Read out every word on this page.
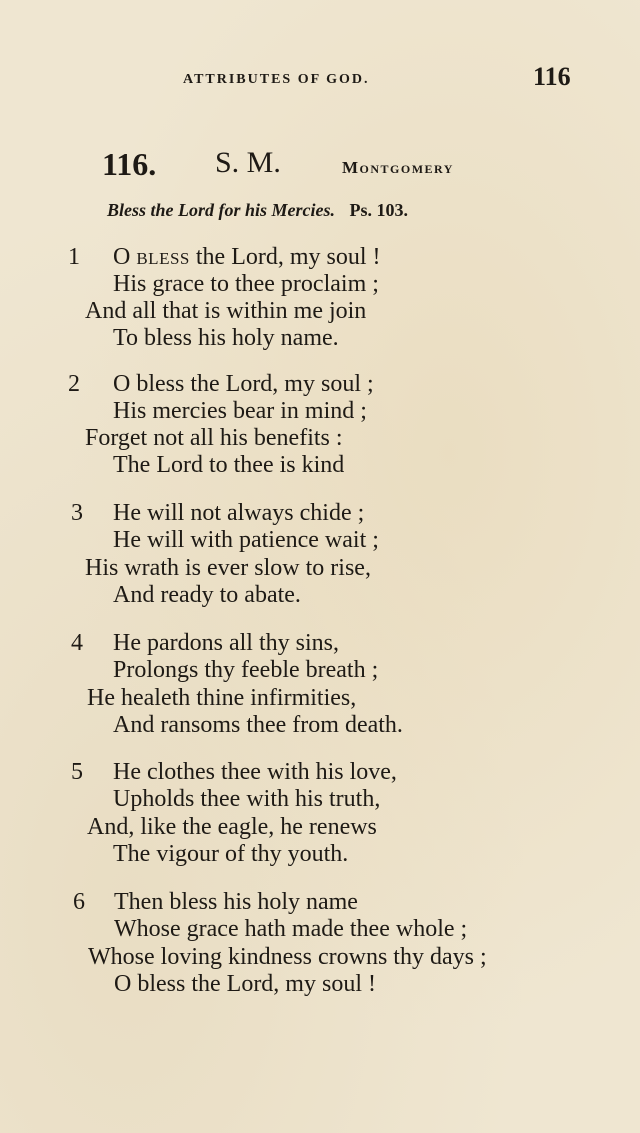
ATTRIBUTES OF GOD.	116
116. S. M.	Montgomery
Bless the Lord for his Mercies. Ps. 103.
1 O bless the Lord, my soul !
His grace to thee proclaim ;
And all that is within me join
To bless his holy name.
2 O bless the Lord, my soul ;
His mercies bear in mind ;
Forget not all his benefits :
The Lord to thee is kind
3 He will not always chide ;
He will with patience wait ;
His wrath is ever slow to rise,
And ready to abate.
4 He pardons all thy sins,
Prolongs thy feeble breath ;
He healeth thine infirmities,
And ransoms thee from death.
5 He clothes thee with his love,
Upholds thee with his truth,
And, like the eagle, he renews
The vigour of thy youth.
6 Then bless his holy name
Whose grace hath made thee whole ;
Whose loving kindness crowns thy days ;
O bless the Lord, my soul !
